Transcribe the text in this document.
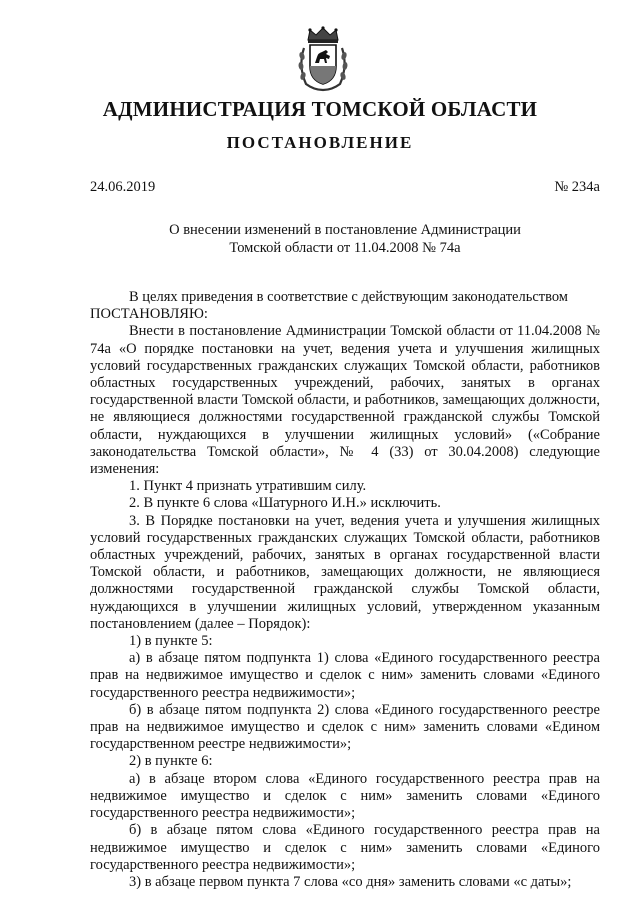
АДМИНИСТРАЦИЯ ТОМСКОЙ ОБЛАСТИ
ПОСТАНОВЛЕНИЕ
24.06.2019	№ 234а
О внесении изменений в постановление Администрации
Томской области от 11.04.2008 № 74а

В целях приведения в соответствие с действующим законодательством

ПОСТАНОВЛЯЮ:

Внести в постановление Администрации Томской области от 11.04.2008 № 74а «О порядке постановки на учет, ведения учета и улучшения жилищных условий государственных гражданских служащих Томской области, работников областных государственных учреждений, рабочих, занятых в органах государственной власти Томской области, и работников, замещающих должности, не являющиеся должностями государственной гражданской службы Томской области, нуждающихся в улучшении жилищных условий» («Собрание законодательства Томской области», № 4 (33) от 30.04.2008) следующие изменения:

1. Пункт 4 признать утратившим силу.

2. В пункте 6 слова «Шатурного И.Н.» исключить.

3. В Порядке постановки на учет, ведения учета и улучшения жилищных условий государственных гражданских служащих Томской области, работников областных учреждений, рабочих, занятых в органах государственной власти Томской области, и работников, замещающих должности, не являющиеся должностями государственной гражданской службы Томской области, нуждающихся в улучшении жилищных условий, утвержденном указанным постановлением (далее – Порядок):

1) в пункте 5:

а) в абзаце пятом подпункта 1) слова «Единого государственного реестра прав на недвижимое имущество и сделок с ним» заменить словами «Единого государственного реестра недвижимости»;

б) в абзаце пятом подпункта 2) слова «Единого государственного реестре прав на недвижимое имущество и сделок с ним» заменить словами «Едином государственном реестре недвижимости»;

2) в пункте 6:

а) в абзаце втором слова «Единого государственного реестра прав на недвижимое имущество и сделок с ним» заменить словами «Единого государственного реестра недвижимости»;

б) в абзаце пятом слова «Единого государственного реестра прав на недвижимое имущество и сделок с ним» заменить словами «Единого государственного реестра недвижимости»;

3) в абзаце первом пункта 7 слова «со дня» заменить словами «с даты»;
